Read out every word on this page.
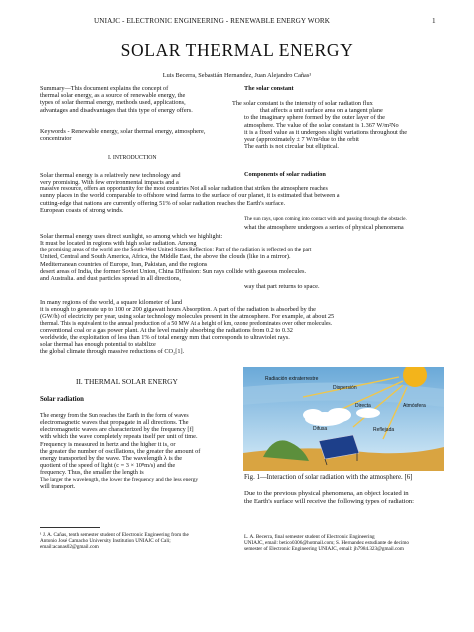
UNIAJC - ELECTRONIC ENGINEERING - RENEWABLE ENERGY WORK	1
SOLAR THERMAL ENERGY
Luis Becerra, Sebastián Hernandez, Juan Alejandro Cañas¹
Summary—This document explains the concept of
thermal solar energy, as a source of renewable energy, the
types of solar thermal energy, methods used, applications,
advantages and disadvantages that this type of energy offers.
The solar constant
The solar constant is the intensity of solar radiation flux
that affects a unit surface area on a tangent plane
to the imaginary sphere formed by the outer layer of the
atmosphere. The value of the solar constant is 1.367 W/m²No
it is a fixed value as it undergoes slight variations throughout the
year (approximately ± 7 W/m²due to the orbit
The earth is not circular but elliptical.
Keywords - Renewable energy, solar thermal energy, atmosphere,
concentrator
I. INTRODUCTION
Components of solar radiation
Solar thermal energy is a relatively new technology and
very promising. With few environmental impacts and a
massive resource, offers an opportunity for the most countries Not all solar radiation that strikes the atmosphere reaches
sunny places in the world comparable to offshore wind farms to the surface of our planet, it is estimated that between a
cutting-edge that nations are currently offering 51% of solar radiation reaches the Earth's surface.
European coasts of strong winds.
The sun rays, upon coming into contact with and passing through the obstacle.
what the atmosphere undergoes a series of physical phenomena
Solar thermal energy uses direct sunlight, so among which we highlight:
It must be located in regions with high solar radiation. Among
the promising areas of the world are the South-West United States Reflection: Part of the radiation is reflected on the part
United, Central and South America, Africa, the Middle East, the above the clouds (like in a mirror).
Mediterranean countries of Europe, Iran, Pakistan, and the regions
desert areas of India, the former Soviet Union, China Diffusion: Sun rays collide with gaseous molecules.
and Australia. and dust particles spread in all directions,
way that part returns to space.
In many regions of the world, a square kilometer of land
it is enough to generate up to 100 or 200 gigawatt hours Absorption. A part of the radiation is absorbed by the
(GW/h) of electricity per year, using solar technology molecules present in the atmosphere. For example, at about 25
thermal. This is equivalent to the annual production of a 50 MW At a height of km, ozone predominates over other molecules.
conventional coal or a gas power plant. At the level mainly absorbing the radiations from 0.2 to 0.32
worldwide, the exploitation of less than 1% of total energy mm that corresponds to ultraviolet rays.
solar thermal has enough potential to stabilize
the global climate through massive reductions of CO₂[1].
II. THERMAL SOLAR ENERGY
Solar radiation
The energy from the Sun reaches the Earth in the form of waves
electromagnetic waves that propagate in all directions. The
electromagnetic waves are characterized by the frequency [f]
with which the wave completely repeats itself per unit of time.
Frequency is measured in hertz and the higher it is, or
the greater the number of oscillations, the greater the amount of
energy transported by the wave. The wavelength λ is the
quotient of the speed of light (c = 3 × 10⁸m/s) and the
frequency. Thus, the smaller the length is
The larger the wavelength, the lower the frequency and the less energy
will transport.
Radiación extraterrestre
Dispersión
Atmósfera
Directa
Difusa	Reflejada
Fig. 1—Interaction of solar radiation with the atmosphere. [6]
Due to the previous physical phenomena, an object located in
the Earth's surface will receive the following types of radiation:
¹ J. A. Cañas, tenth semester student of Electronic Engineering from the
Antonio José Camacho University Institution UNIAJC of Cali;
email:acanas02@gmail.com
L. A. Becerra, final semester student of Electronic Engineering
UNIAJC, email: betico0306@hotmail.com; S. Hernandez estudiante de decimo
semester of Electronic Engineering UNIAJC, email: jh7984.323@gmail.com
